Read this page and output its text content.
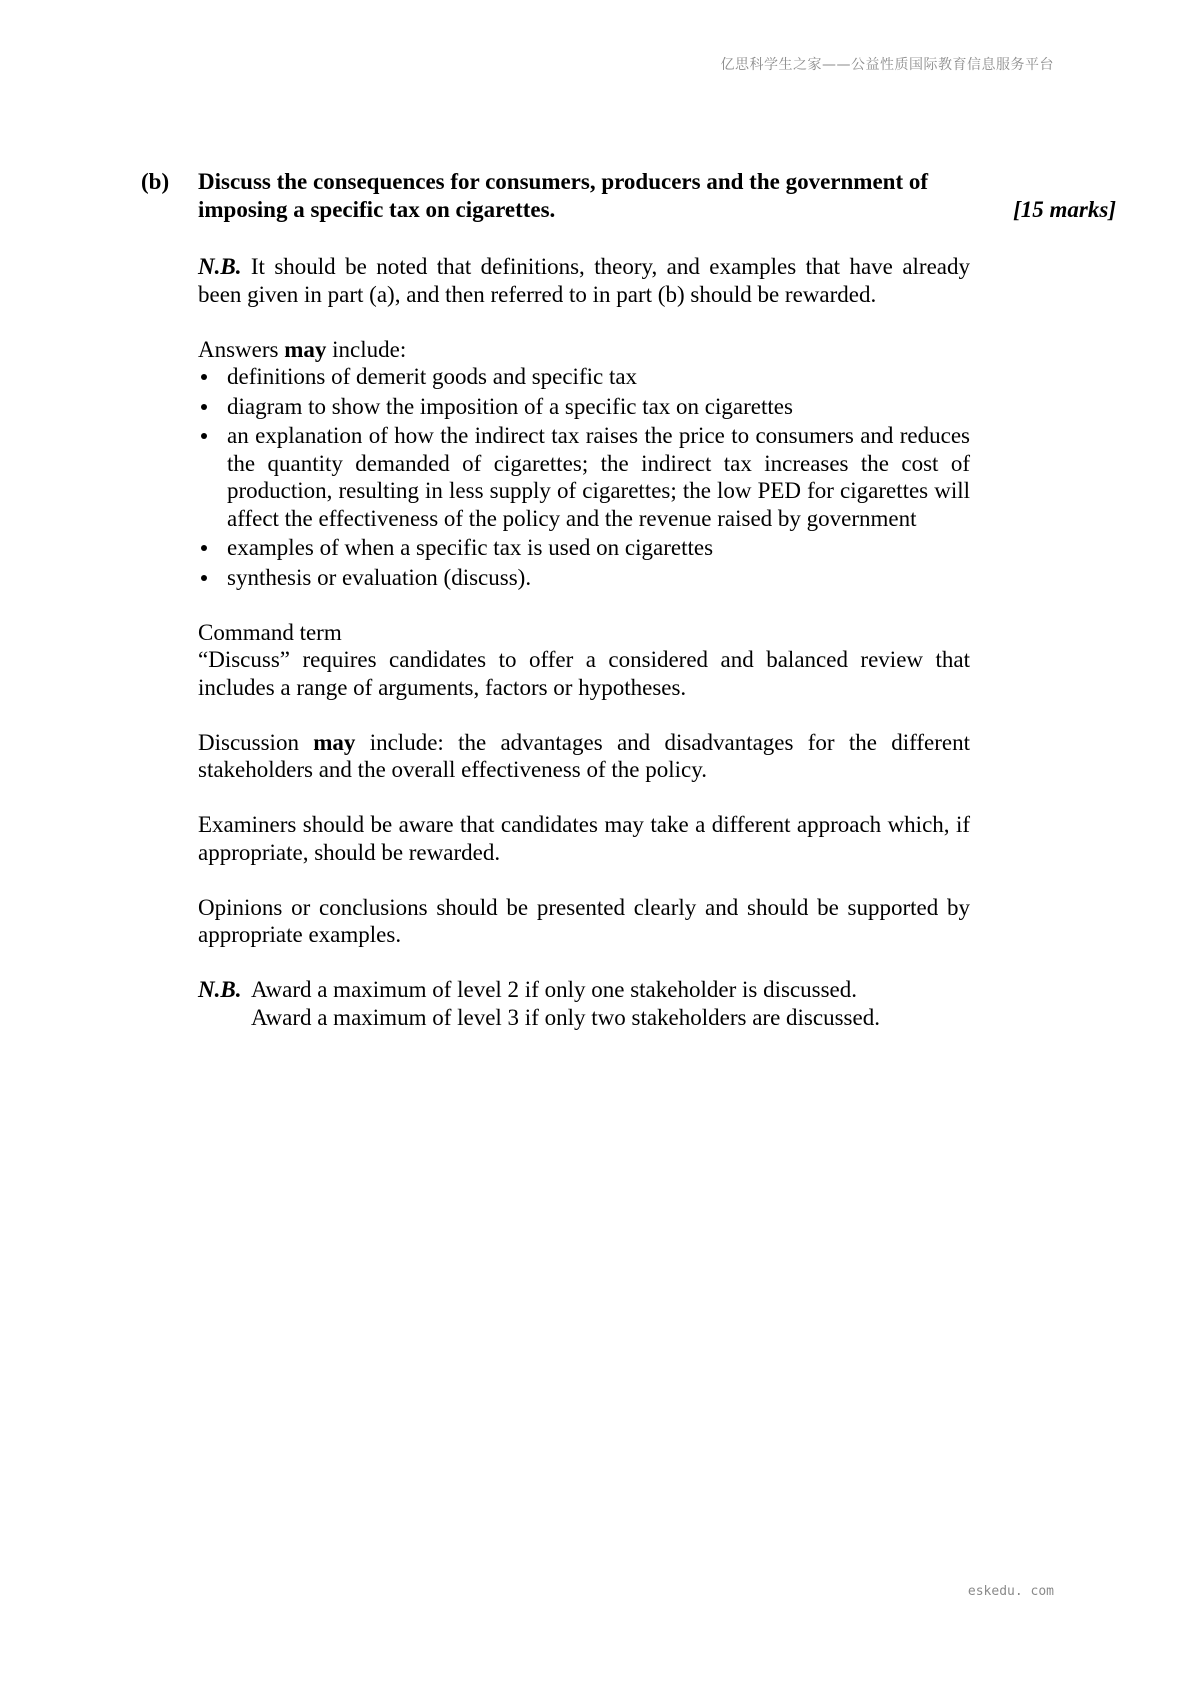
亿思科学生之家——公益性质国际教育信息服务平台
(b) Discuss the consequences for consumers, producers and the government of imposing a specific tax on cigarettes.	[15 marks]

N.B. It should be noted that definitions, theory, and examples that have already been given in part (a), and then referred to in part (b) should be rewarded.

Answers may include:
definitions of demerit goods and specific tax
diagram to show the imposition of a specific tax on cigarettes
an explanation of how the indirect tax raises the price to consumers and reduces the quantity demanded of cigarettes; the indirect tax increases the cost of production, resulting in less supply of cigarettes; the low PED for cigarettes will affect the effectiveness of the policy and the revenue raised by government
examples of when a specific tax is used on cigarettes
synthesis or evaluation (discuss).
Command term
“Discuss” requires candidates to offer a considered and balanced review that includes a range of arguments, factors or hypotheses.

Discussion may include: the advantages and disadvantages for the different stakeholders and the overall effectiveness of the policy.

Examiners should be aware that candidates may take a different approach which, if appropriate, should be rewarded.

Opinions or conclusions should be presented clearly and should be supported by appropriate examples.

N.B. Award a maximum of level 2 if only one stakeholder is discussed.
Award a maximum of level 3 if only two stakeholders are discussed.
eskedu. com
